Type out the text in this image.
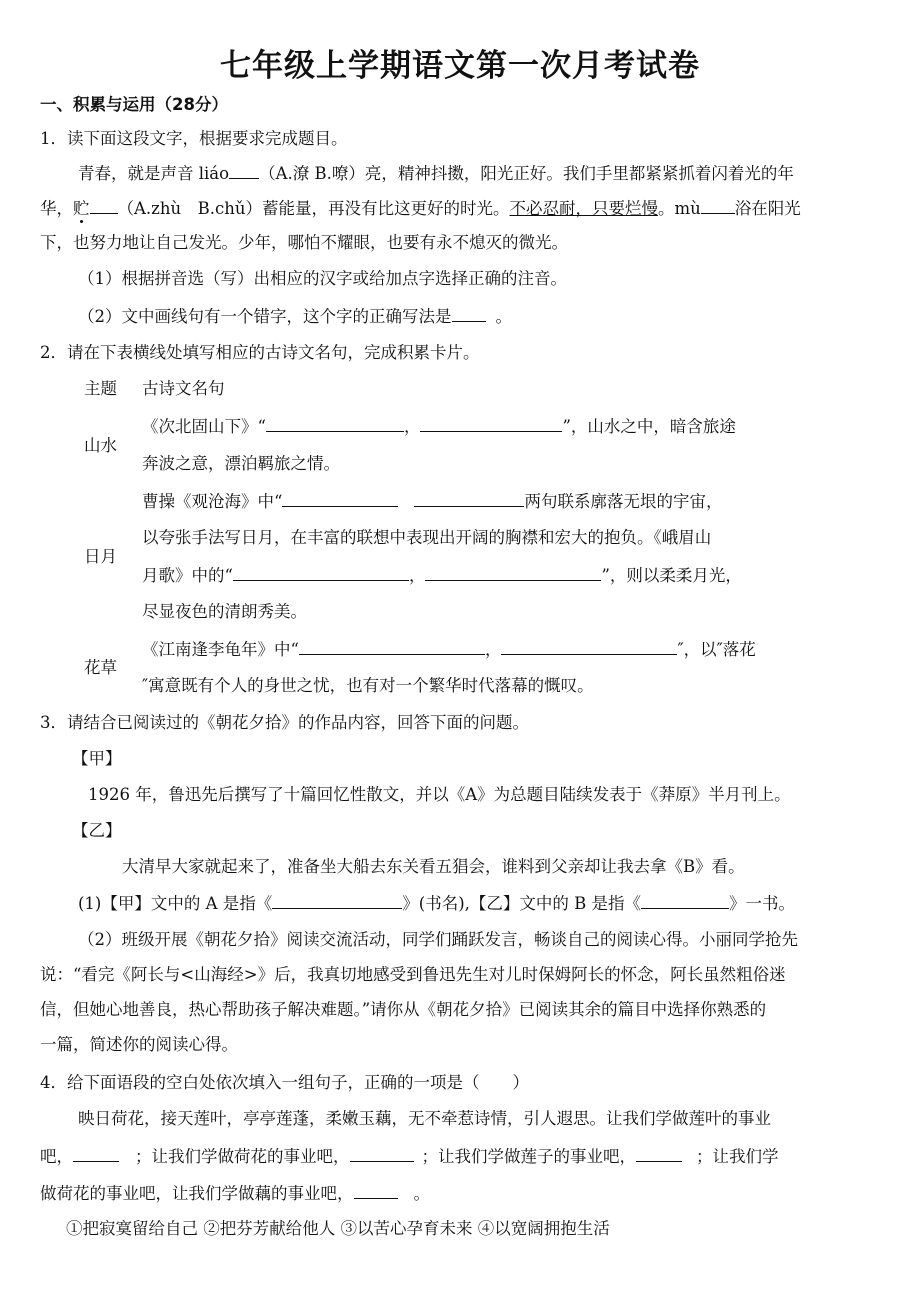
七年级上学期语文第一次月考试卷
一、积累与运用（28分）
1．读下面这段文字，根据要求完成题目。
青春，就是声音 liáo （A.潦 B.嘹）亮，精神抖擞，阳光正好。我们手里都紧紧抓着闪着光的年
华，贮 （A.zhù　B.chǔ）蓄能量，再没有比这更好的时光。不必忍耐，只要烂慢。mù 浴在阳光
下，也努力地让自己发光。少年，哪怕不耀眼，也要有永不熄灭的微光。
（1）根据拼音选（写）出相应的汉字或给加点字选择正确的注音。
（2）文中画线句有一个错字，这个字的正确写法是	。
2．请在下表横线处填写相应的古诗文名句，完成积累卡片。
主题 古诗文名句
山水
《次北固山下》“	，	”，山水之中，暗含旅途
奔波之意，漂泊羁旅之情。
日月
曹操《观沧海》中“	两句联系廓落无垠的宇宙，
以夸张手法写日月，在丰富的联想中表现出开阔的胸襟和宏大的抱负。《峨眉山
月歌》中的“	，	”，则以柔柔月光，
尽显夜色的清朗秀美。
花草
《江南逢李龟年》中“	，	″，以″落花
″寓意既有个人的身世之忧，也有对一个繁华时代落幕的慨叹。
3．请结合已阅读过的《朝花夕拾》的作品内容，回答下面的问题。
【甲】
1926 年，鲁迅先后撰写了十篇回忆性散文，并以《A》为总题目陆续发表于《莽原》半月刊上。
【乙】
大清早大家就起来了，准备坐大船去东关看五猖会，谁料到父亲却让我去拿《B》看。
(1)【甲】文中的 A 是指《	》(书名),【乙】文中的 B 是指《	》一书。
（2）班级开展《朝花夕拾》阅读交流活动，同学们踊跃发言，畅谈自己的阅读心得。小丽同学抢先
说：“看完《阿长与<山海经>》后，我真切地感受到鲁迅先生对儿时保姆阿长的怀念，阿长虽然粗俗迷
信，但她心地善良，热心帮助孩子解决难题。”请你从《朝花夕拾》已阅读其余的篇目中选择你熟悉的
一篇，简述你的阅读心得。
4．给下面语段的空白处依次填入一组句子，正确的一项是（　　）
映日荷花，接天莲叶，亭亭莲蓬，柔嫩玉藕，无不牵惹诗情，引人遐思。让我们学做莲叶的事业
吧，	；让我们学做荷花的事业吧，	；让我们学做莲子的事业吧，	；让我们学
做荷花的事业吧，让我们学做藕的事业吧，	。
①把寂寞留给自己 ②把芬芳献给他人 ③以苦心孕育未来 ④以宽阔拥抱生活
